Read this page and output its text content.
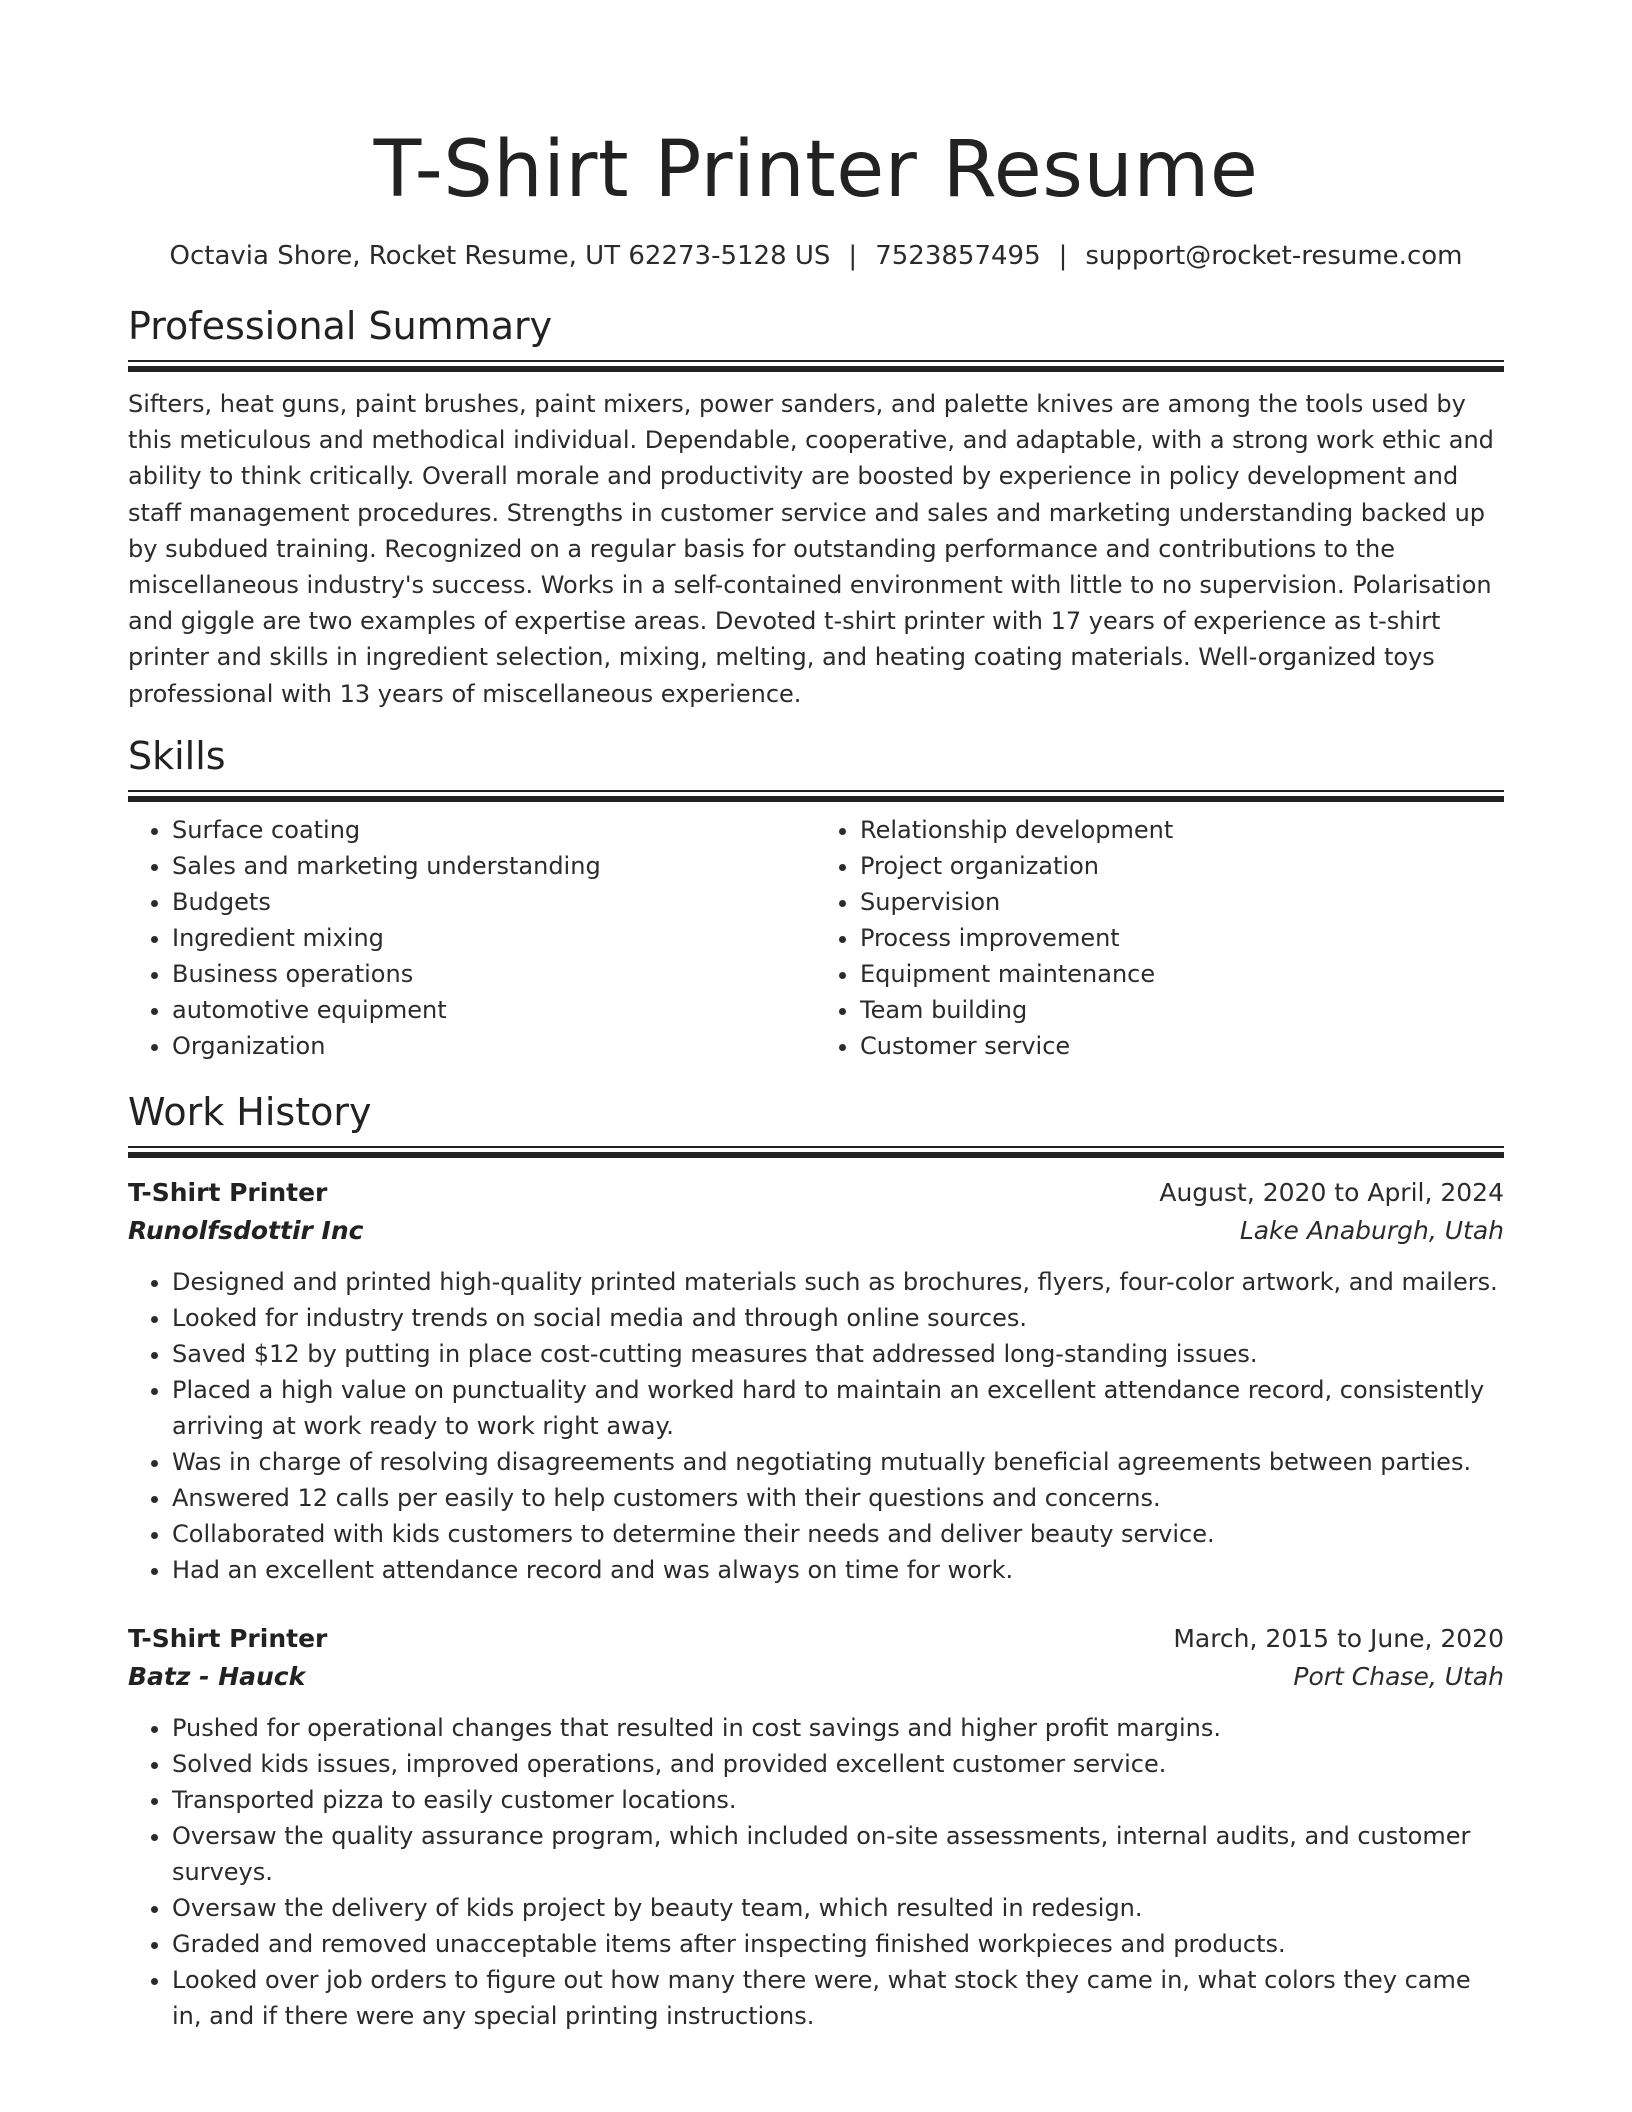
T-Shirt Printer Resume
Octavia Shore, Rocket Resume, UT 62273-5128 US | 7523857495 | support@rocket-resume.com
Professional Summary

Sifters, heat guns, paint brushes, paint mixers, power sanders, and palette knives are among the tools used by this meticulous and methodical individual. Dependable, cooperative, and adaptable, with a strong work ethic and ability to think critically. Overall morale and productivity are boosted by experience in policy development and staff management procedures. Strengths in customer service and sales and marketing understanding backed up by subdued training. Recognized on a regular basis for outstanding performance and contributions to the miscellaneous industry's success. Works in a self-contained environment with little to no supervision. Polarisation and giggle are two examples of expertise areas. Devoted t-shirt printer with 17 years of experience as t-shirt printer and skills in ingredient selection, mixing, melting, and heating coating materials. Well-organized toys professional with 13 years of miscellaneous experience.

Skills
• Surface coating
• Sales and marketing understanding
• Budgets
• Ingredient mixing
• Business operations
• automotive equipment
• Organization
• Relationship development
• Project organization
• Supervision
• Process improvement
• Equipment maintenance
• Team building
• Customer service
Work History
T-Shirt Printer	August, 2020 to April, 2024
Runolfsdottir Inc	Lake Anaburgh, Utah
• Designed and printed high-quality printed materials such as brochures, flyers, four-color artwork, and mailers.
• Looked for industry trends on social media and through online sources.
• Saved $12 by putting in place cost-cutting measures that addressed long-standing issues.
• Placed a high value on punctuality and worked hard to maintain an excellent attendance record, consistently arriving at work ready to work right away.
• Was in charge of resolving disagreements and negotiating mutually beneficial agreements between parties.
• Answered 12 calls per easily to help customers with their questions and concerns.
• Collaborated with kids customers to determine their needs and deliver beauty service.
• Had an excellent attendance record and was always on time for work.
T-Shirt Printer	March, 2015 to June, 2020
Batz - Hauck	Port Chase, Utah
• Pushed for operational changes that resulted in cost savings and higher profit margins.
• Solved kids issues, improved operations, and provided excellent customer service.
• Transported pizza to easily customer locations.
• Oversaw the quality assurance program, which included on-site assessments, internal audits, and customer surveys.
• Oversaw the delivery of kids project by beauty team, which resulted in redesign.
• Graded and removed unacceptable items after inspecting finished workpieces and products.
• Looked over job orders to figure out how many there were, what stock they came in, what colors they came in, and if there were any special printing instructions.
